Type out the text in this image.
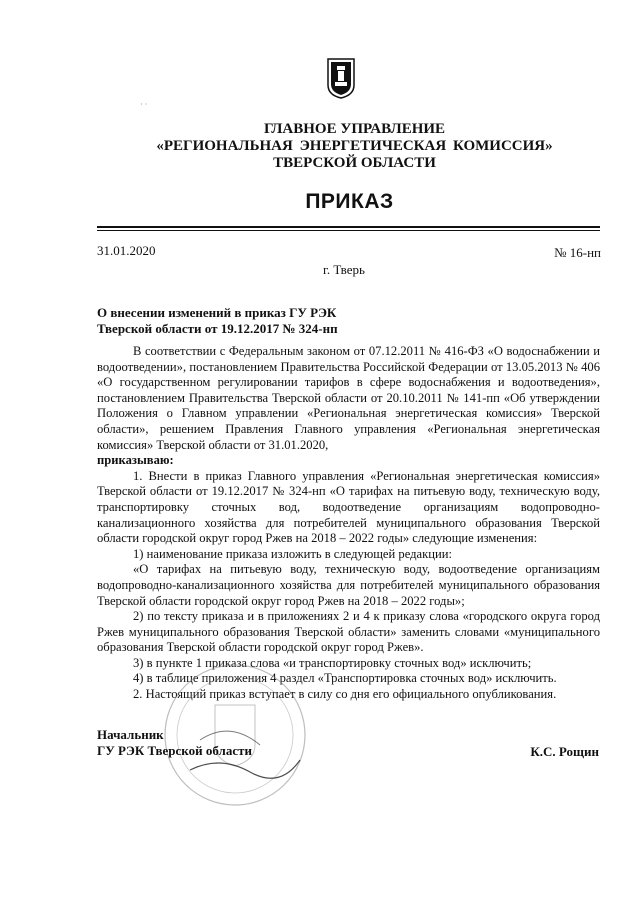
· ·
ГЛАВНОЕ УПРАВЛЕНИЕ
«РЕГИОНАЛЬНАЯ ЭНЕРГЕТИЧЕСКАЯ КОМИССИЯ»
ТВЕРСКОЙ ОБЛАСТИ
ПРИКАЗ
31.01.2020	№ 16-нп
г. Тверь
О внесении изменений в приказ ГУ РЭК
Тверской области от 19.12.2017 № 324-нп

В соответствии с Федеральным законом от 07.12.2011 № 416-ФЗ «О водоснабжении и водоотведении», постановлением Правительства Российской Федерации от 13.05.2013 № 406 «О государственном регулировании тарифов в сфере водоснабжения и водоотведения», постановлением Правительства Тверской области от 20.10.2011 № 141-пп «Об утверждении Положения о Главном управлении «Региональная энергетическая комиссия» Тверской области», решением Правления Главного управления «Региональная энергетическая комиссия» Тверской области от 31.01.2020,

приказываю:

1. Внести в приказ Главного управления «Региональная энергетическая комиссия» Тверской области от 19.12.2017 № 324-нп «О тарифах на питьевую воду, техническую воду, транспортировку сточных вод, водоотведение организациям водопроводно-канализационного хозяйства для потребителей муниципального образования Тверской области городской округ город Ржев на 2018 – 2022 годы» следующие изменения:

1) наименование приказа изложить в следующей редакции:

«О тарифах на питьевую воду, техническую воду, водоотведение организациям водопроводно-канализационного хозяйства для потребителей муниципального образования Тверской области городской округ город Ржев на 2018 – 2022 годы»;

2) по тексту приказа и в приложениях 2 и 4 к приказу слова «городского округа город Ржев муниципального образования Тверской области» заменить словами «муниципального образования Тверской области городской округ город Ржев».

3) в пункте 1 приказа слова «и транспортировку сточных вод» исключить;

4) в таблице приложения 4 раздел «Транспортировка сточных вод» исключить.

2. Настоящий приказ вступает в силу со дня его официального опубликования.

Начальник
ГУ РЭК Тверской области	К.С. Рощин
